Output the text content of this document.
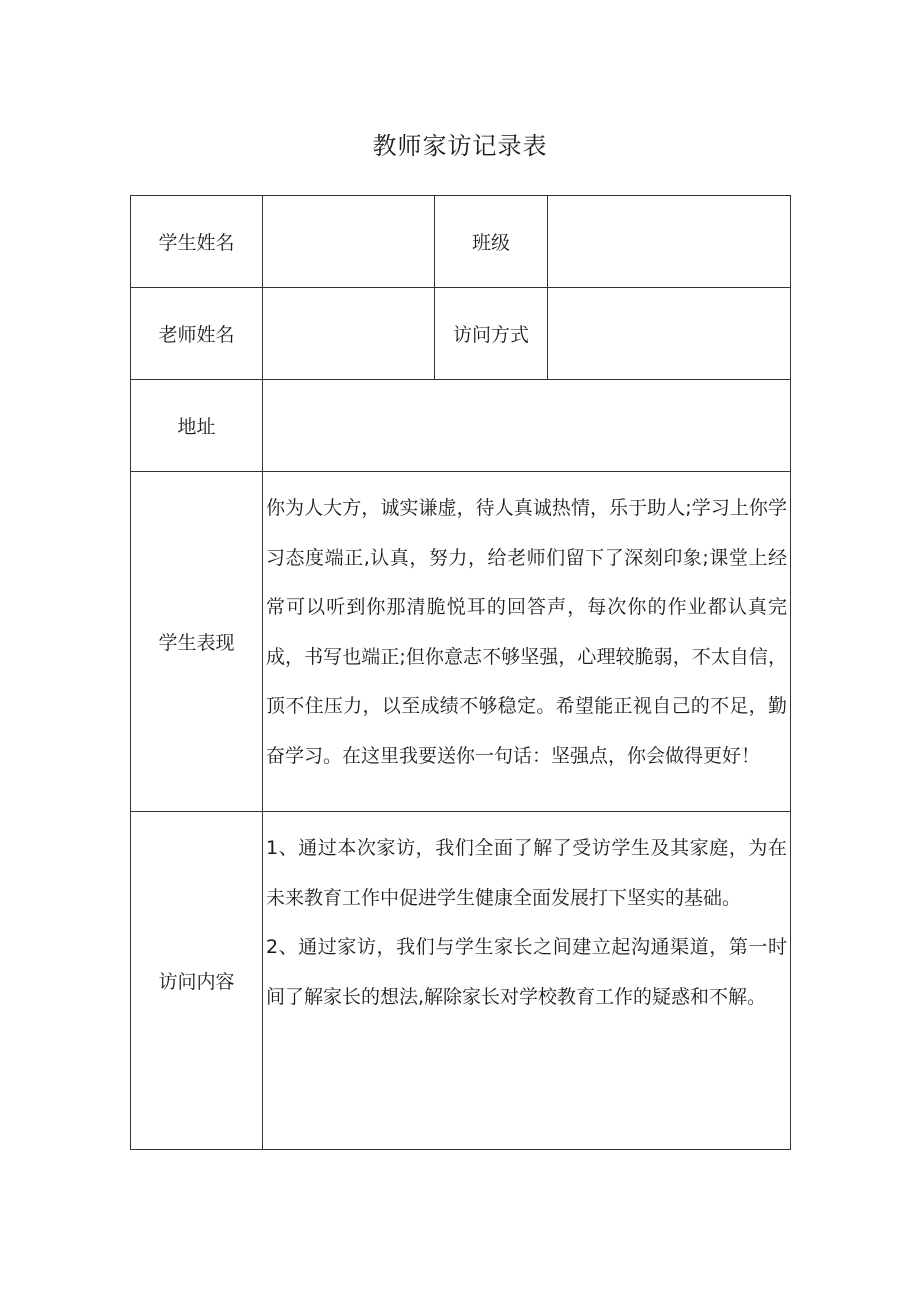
教师家访记录表
学生姓名		班级	
老师姓名		访问方式	
地址			
学生表现	你为人大方，诚实谦虚，待人真诚热情，乐于助人;学习上你学习态度端正,认真，努力，给老师们留下了深刻印象;课堂上经常可以听到你那清脆悦耳的回答声，每次你的作业都认真完成，书写也端正;但你意志不够坚强，心理较脆弱，不太自信，顶不住压力，以至成绩不够稳定。希望能正视自己的不足，勤奋学习。在这里我要送你一句话：坚强点，你会做得更好！		

访问内容	1、通过本次家访，我们全面了解了受访学生及其家庭，为在未来教育工作中促进学生健康全面发展打下坚实的基础。
2、通过家访，我们与学生家长之间建立起沟通渠道，第一时间了解家长的想法,解除家长对学校教育工作的疑惑和不解。		
